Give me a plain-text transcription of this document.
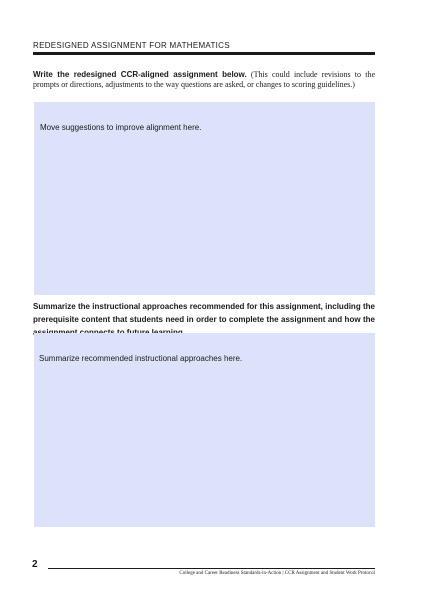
REDESIGNED ASSIGNMENT FOR MATHEMATICS
Write the redesigned CCR-aligned assignment below. (This could include revisions to the prompts or directions, adjustments to the way questions are asked, or changes to scoring guidelines.)
Move suggestions to improve alignment here.
Summarize the instructional approaches recommended for this assignment, including the prerequisite content that students need in order to complete the assignment and how the
Summarize recommended instructional approaches here.
2
College and Career Readiness Standards-in-Action | CCR Assignment and Student Work Protocol
